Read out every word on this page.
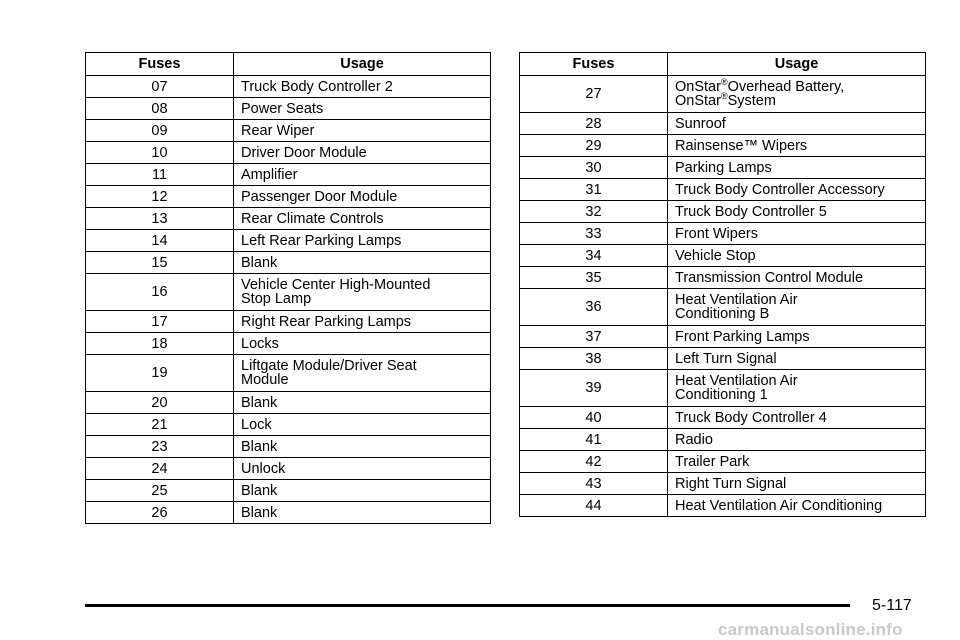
Fuses	Usage
07	Truck Body Controller 2
08	Power Seats
09	Rear Wiper
10	Driver Door Module
11	Amplifier
12	Passenger Door Module
13	Rear Climate Controls
14	Left Rear Parking Lamps
15	Blank
16	Vehicle Center High-Mounted
Stop Lamp
17	Right Rear Parking Lamps
18	Locks
19	Liftgate Module/Driver Seat
Module
20	Blank
21	Lock
23	Blank
24	Unlock
25	Blank
26	Blank
Fuses	Usage
27	OnStar®Overhead Battery,
OnStar®System
28	Sunroof
29	Rainsense™ Wipers
30	Parking Lamps
31	Truck Body Controller Accessory
32	Truck Body Controller 5
33	Front Wipers
34	Vehicle Stop
35	Transmission Control Module
36	Heat Ventilation Air
Conditioning B
37	Front Parking Lamps
38	Left Turn Signal
39	Heat Ventilation Air
Conditioning 1
40	Truck Body Controller 4
41	Radio
42	Trailer Park
43	Right Turn Signal
44	Heat Ventilation Air Conditioning
5-117
carmanualsonline.info
